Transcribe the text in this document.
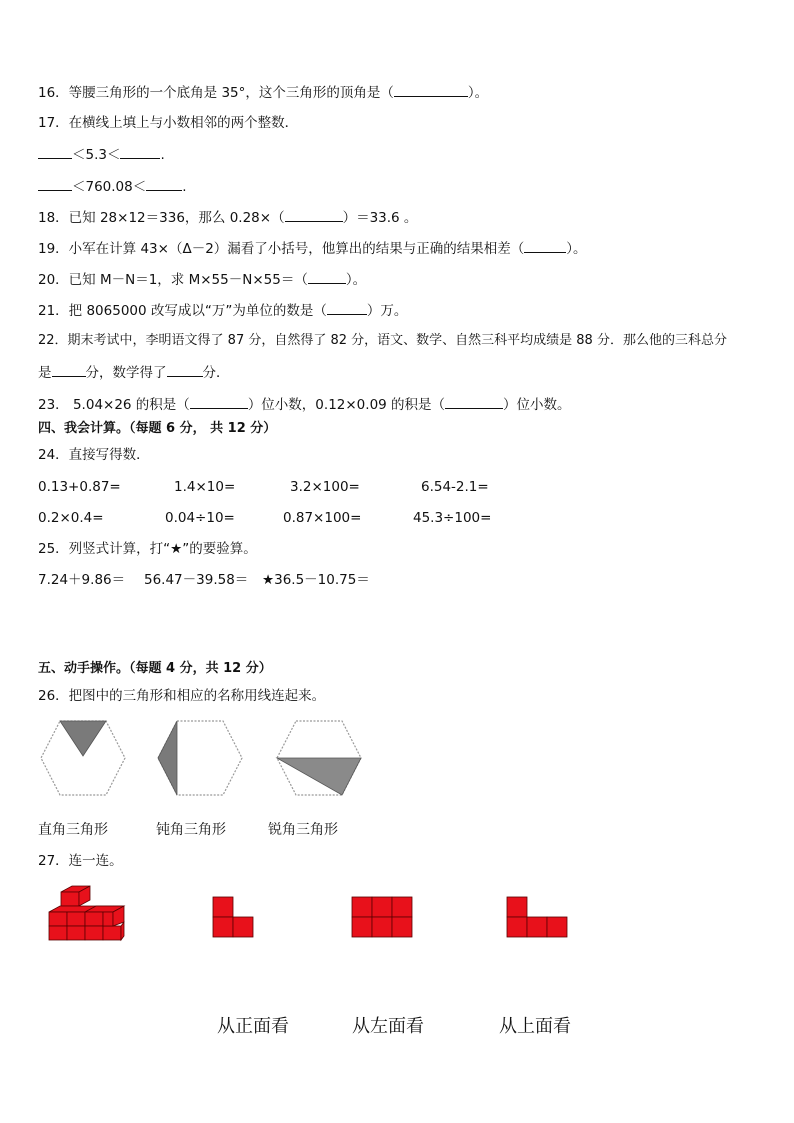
16．等腰三角形的一个底角是 35°，这个三角形的顶角是（	）。
17．在横线上填上与小数相邻的两个整数．
＜5.3＜	.
＜760.08＜	.
18．已知 28×12＝336，那么 0.28×（	）＝33.6 。
19．小军在计算 43×（Δ－2）漏看了小括号，他算出的结果与正确的结果相差（	）。
20．已知 M－N＝1，求 M×55－N×55＝（	）。
21．把 8065000 改写成以“万”为单位的数是（	）万。
22．期末考试中，李明语文得了 87 分，自然得了 82 分，语文、数学、自然三科平均成绩是 88 分．那么他的三科总分
是	分，数学得了	分．
23． 5.04×26 的积是（	）位小数，0.12×0.09 的积是（	）位小数。
四、我会计算。（每题 6 分， 共 12 分）
24．直接写得数．
0.13+0.87=	1.4×10=	3.2×100=	6.54-2.1=
0.2×0.4=	0.04÷10=	0.87×100=	45.3÷100=
25．列竖式计算，打“★”的要验算。
7.24＋9.86＝ 56.47－39.58＝ ★36.5－10.75＝
五、动手操作。（每题 4 分，共 12 分）
26．把图中的三角形和相应的名称用线连起来。
直角三角形	钝角三角形	锐角三角形
27．连一连。
从正面看	从左面看	从上面看
